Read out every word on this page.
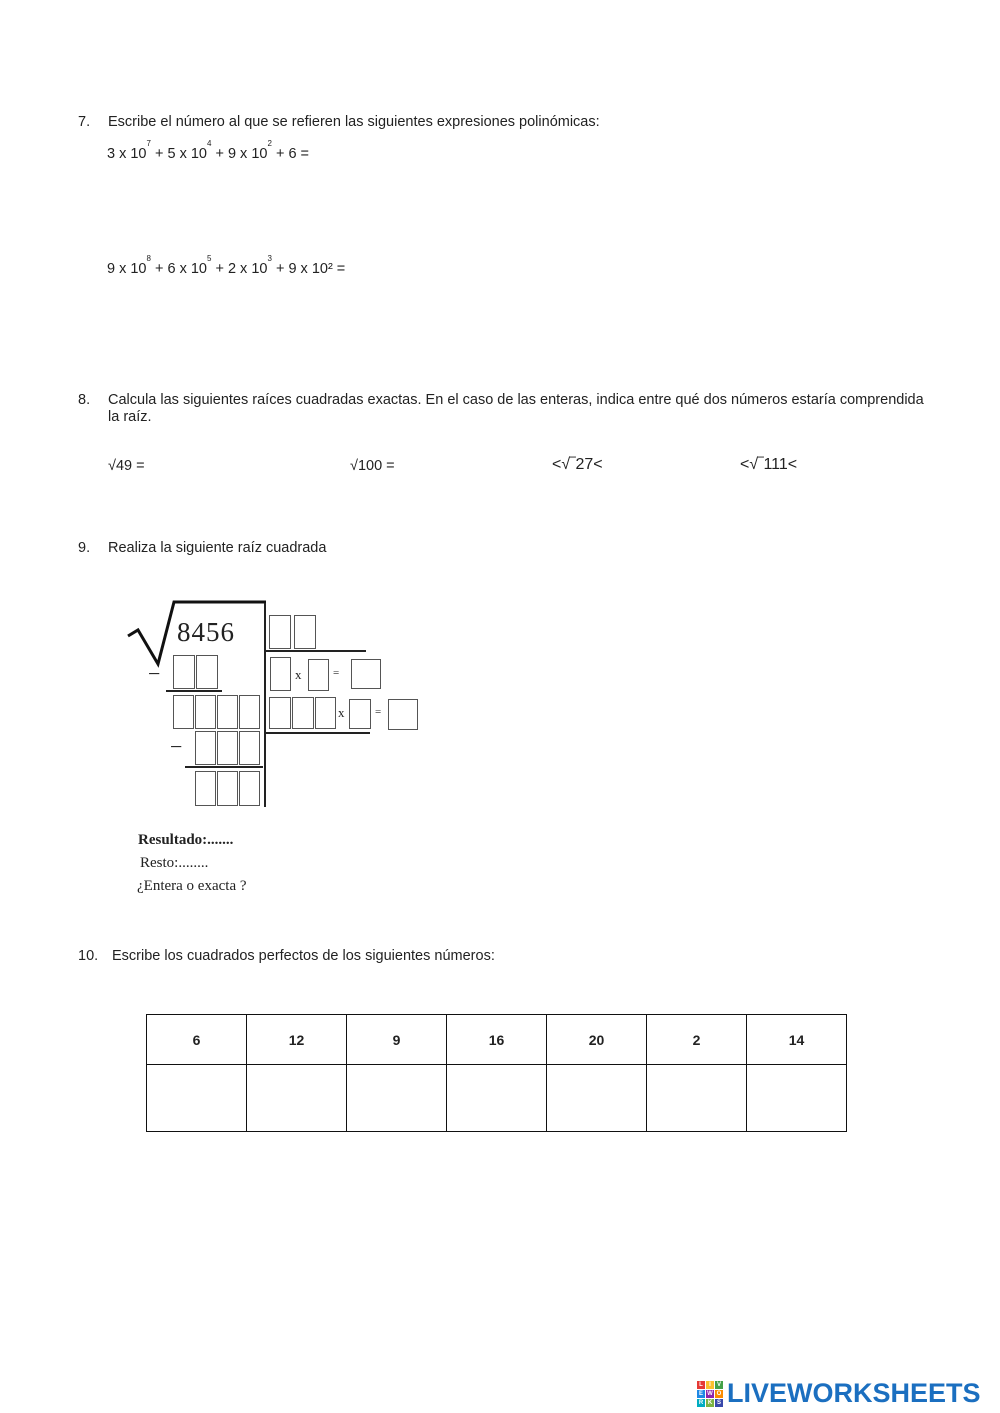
7. Escribe el número al que se refieren las siguientes expresiones polinómicas:
3 x $10^7 + 5$ x $10^4 + 9$ x $10^2 + 6$ =
9 x $10^8 + 6$ x $10^5 + 2$ x $10^3 + 9$ x 10² =
8. Calcula las siguientes raíces cuadradas exactas. En el caso de las enteras, indica entre qué dos números estaría comprendida
la raíz.
√49 =	√100 =	<√‾27<	<√‾111<
9. Realiza la siguiente raíz cuadrada
8456
−	x	=
x	=
−
Resultado:.......
Resto:........
¿Entera o exacta ?
10. Escribe los cuadrados perfectos de los siguientes números:
6	12	9	16	20	2	14

L	I	V
E W O
R K S LIVEWORKSHEETS
